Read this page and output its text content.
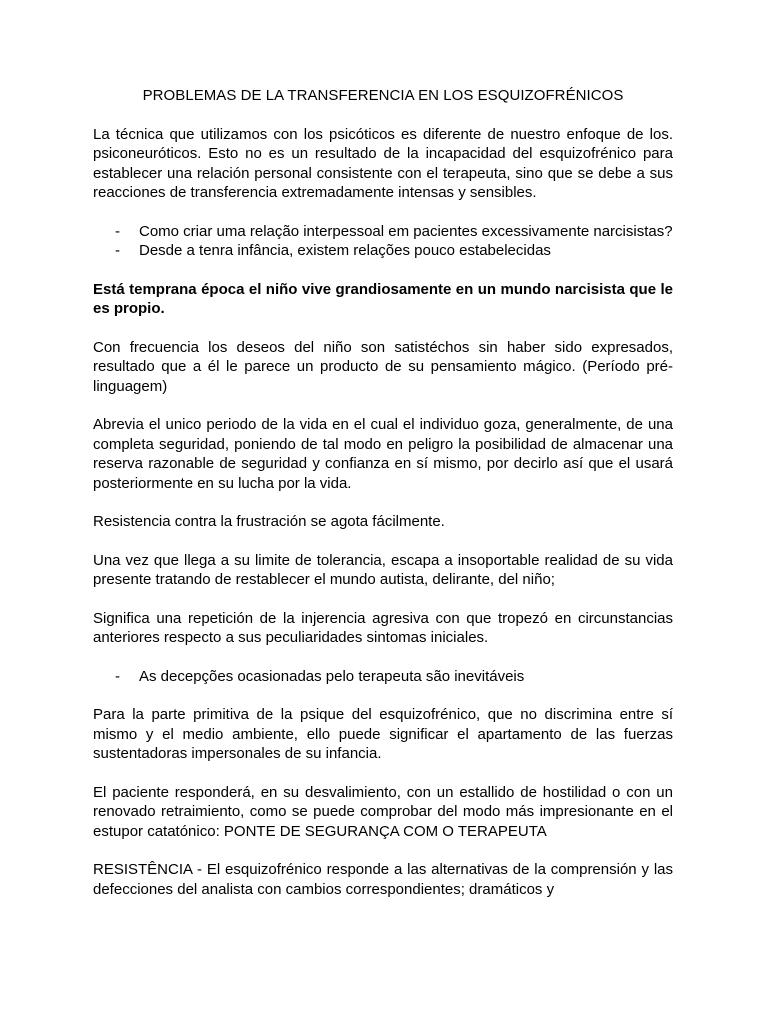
PROBLEMAS DE LA TRANSFERENCIA EN LOS ESQUIZOFRÉNICOS

La técnica que utilizamos con los psicóticos es diferente de nuestro enfoque de los. psiconeuróticos. Esto no es un resultado de la incapacidad del esquizofrénico para establecer una relación personal consistente con el terapeuta, sino que se debe a sus reacciones de transferencia extremadamente intensas y sensibles.

- Como criar uma relação interpessoal em pacientes excessivamente narcisistas?
- Desde a tenra infância, existem relações pouco estabelecidas

Está temprana época el niño vive grandiosamente en un mundo narcisista que le es propio.

Con frecuencia los deseos del niño son satistéchos sin haber sido expresados, resultado que a él le parece un producto de su pensamiento mágico. (Período pré-linguagem)

Abrevia el unico periodo de la vida en el cual el individuo goza, generalmente, de una completa seguridad, poniendo de tal modo en peligro la posibilidad de almacenar una reserva razonable de seguridad y confianza en sí mismo, por decirlo así que el usará posteriormente en su lucha por la vida.

Resistencia contra la frustración se agota fácilmente.

Una vez que llega a su limite de tolerancia, escapa a insoportable realidad de su vida presente tratando de restablecer el mundo autista, delirante, del niño;

Significa una repetición de la injerencia agresiva con que tropezó en circunstancias anteriores respecto a sus peculiaridades sintomas iniciales.

- As decepções ocasionadas pelo terapeuta são inevitáveis

Para la parte primitiva de la psique del esquizofrénico, que no discrimina entre sí mismo y el medio ambiente, ello puede significar el apartamento de las fuerzas sustentadoras impersonales de su infancia.

El paciente responderá, en su desvalimiento, con un estallido de hostilidad o con un renovado retraimiento, como se puede comprobar del modo más impresionante en el estupor catatónico: PONTE DE SEGURANÇA COM O TERAPEUTA

RESISTÊNCIA - El esquizofrénico responde a las alternativas de la comprensión y las defecciones del analista con cambios correspondientes; dramáticos y
